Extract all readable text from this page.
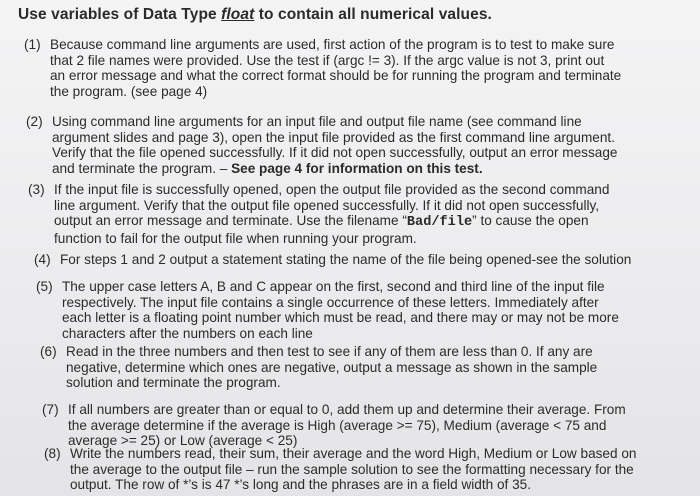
Use variables of Data Type float to contain all numerical values.
(1) Because command line arguments are used, first action of the program is to test to make sure
that 2 file names were provided. Use the test if (argc != 3). If the argc value is not 3, print out
an error message and what the correct format should be for running the program and terminate
the program. (see page 4)
(2) Using command line arguments for an input file and output file name (see command line
argument slides and page 3), open the input file provided as the first command line argument.
Verify that the file opened successfully. If it did not open successfully, output an error message
and terminate the program. – See page 4 for information on this test.
(3) If the input file is successfully opened, open the output file provided as the second command
line argument. Verify that the output file opened successfully. If it did not open successfully,
output an error message and terminate. Use the filename “Bad/file” to cause the open
function to fail for the output file when running your program.
(4) For steps 1 and 2 output a statement stating the name of the file being opened-see the solution
(5) The upper case letters A, B and C appear on the first, second and third line of the input file
respectively. The input file contains a single occurrence of these letters. Immediately after
each letter is a floating point number which must be read, and there may or may not be more
characters after the numbers on each line
(6) Read in the three numbers and then test to see if any of them are less than 0. If any are
negative, determine which ones are negative, output a message as shown in the sample
solution and terminate the program.
(7) If all numbers are greater than or equal to 0, add them up and determine their average. From
the average determine if the average is High (average >= 75), Medium (average < 75 and
average >= 25) or Low (average < 25)
(8) Write the numbers read, their sum, their average and the word High, Medium or Low based on
the average to the output file – run the sample solution to see the formatting necessary for the
output. The row of *’s is 47 *’s long and the phrases are in a field width of 35.
